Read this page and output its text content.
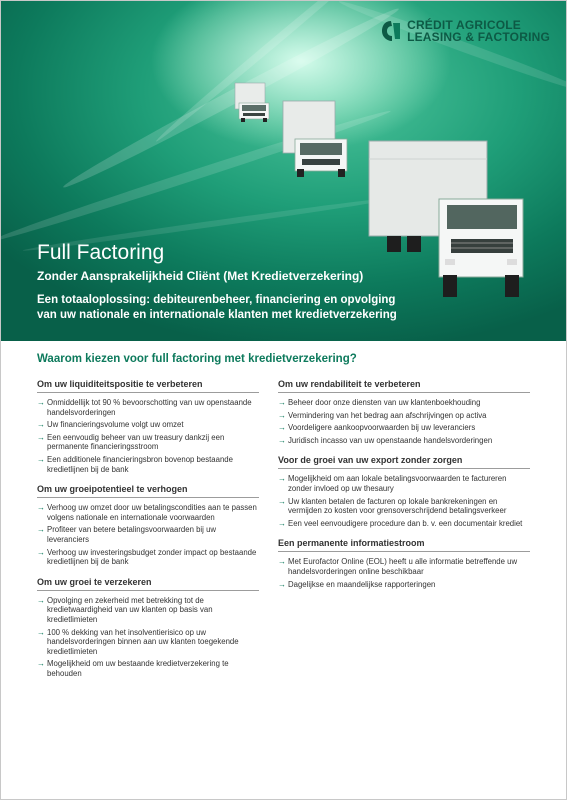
CRÉDIT AGRICOLE
LEASING & FACTORING
Full Factoring
Zonder Aansprakelijkheid Cliënt (Met Kredietverzekering)
Een totaaloplossing: debiteurenbeheer, financiering en opvolging
van uw nationale en internationale klanten met kredietverzekering
Waarom kiezen voor full factoring met kredietverzekering?
Om uw liquiditeitspositie te verbeteren
→ Onmiddellijk tot 90 % bevoorschotting van uw openstaande handelsvorderingen
→ Uw financieringsvolume volgt uw omzet
→ Een eenvoudig beheer van uw treasury dankzij een permanente financieringsstroom
→ Een additionele financieringsbron bovenop bestaande kredietlijnen bij de bank
Om uw groeipotentieel te verhogen
→ Verhoog uw omzet door uw betalingscondities aan te passen volgens nationale en internationale voorwaarden
→ Profiteer van betere betalingsvoorwaarden bij uw leveranciers
→ Verhoog uw investeringsbudget zonder impact op bestaande kredietlijnen bij de bank
Om uw groei te verzekeren
→ Opvolging en zekerheid met betrekking tot de kredietwaardigheid van uw klanten op basis van kredietlimieten
→ 100 % dekking van het insolventierisico op uw handelsvorderingen binnen aan uw klanten toegekende kredietlimieten
→ Mogelijkheid om uw bestaande kredietverzekering te behouden
Om uw rendabiliteit te verbeteren
→ Beheer door onze diensten van uw klantenboekhouding
→ Vermindering van het bedrag aan afschrijvingen op activa
→ Voordeligere aankoopvoorwaarden bij uw leveranciers
→ Juridisch incasso van uw openstaande handelsvorderingen
Voor de groei van uw export zonder zorgen
→ Mogelijkheid om aan lokale betalingsvoorwaarden te factureren zonder invloed op uw thesaury
→ Uw klanten betalen de facturen op lokale bankrekeningen en vermijden zo kosten voor grensoverschrijdend betalingsverkeer
→ Een veel eenvoudigere procedure dan b. v. een documentair krediet
Een permanente informatiestroom
→ Met Eurofactor Online (EOL) heeft u alle informatie betreffende uw handelsvorderingen online beschikbaar
→ Dagelijkse en maandelijkse rapporteringen
